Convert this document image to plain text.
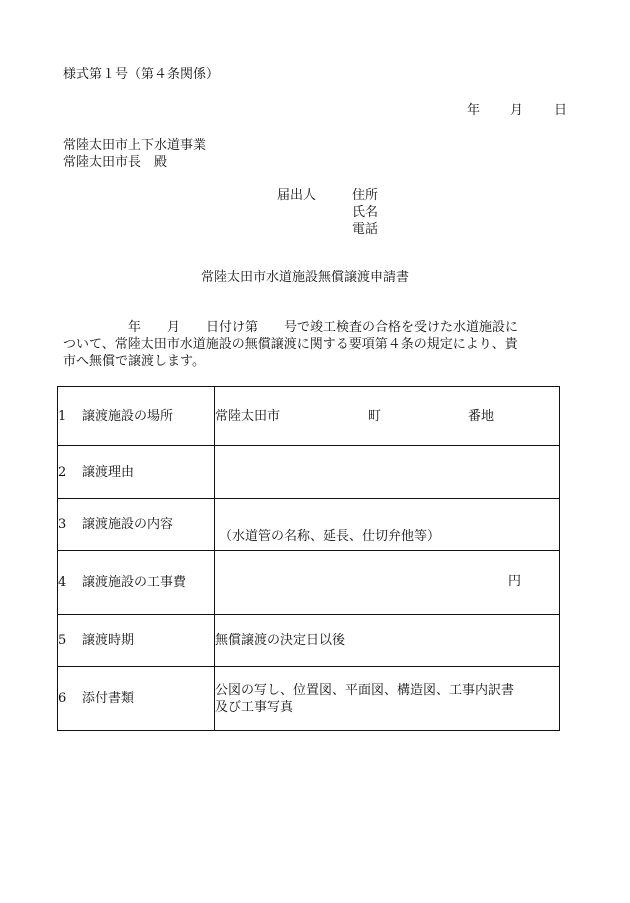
様式第１号（第４条関係）
年 月 日
常陸太田市上下水道事業
常陸太田市長　殿
届出人	住所
氏名
電話
常陸太田市水道施設無償譲渡申請書
　　　　　年　　月　　日付け第　　号で竣工検査の合格を受けた水道施設に
ついて、常陸太田市水道施設の無償譲渡に関する要項第４条の規定により、貴
市へ無償で譲渡します。
1 譲渡施設の場所	常陸太田市 町 番地

2 譲渡理由	
3 譲渡施設の内容	（水道管の名称、延長、仕切弁他等）

4 譲渡施設の工事費	円

5 譲渡時期	無償譲渡の決定日以後
6 添付書類	公図の写し、位置図、平面図、構造図、工事内訳書
及び工事写真
